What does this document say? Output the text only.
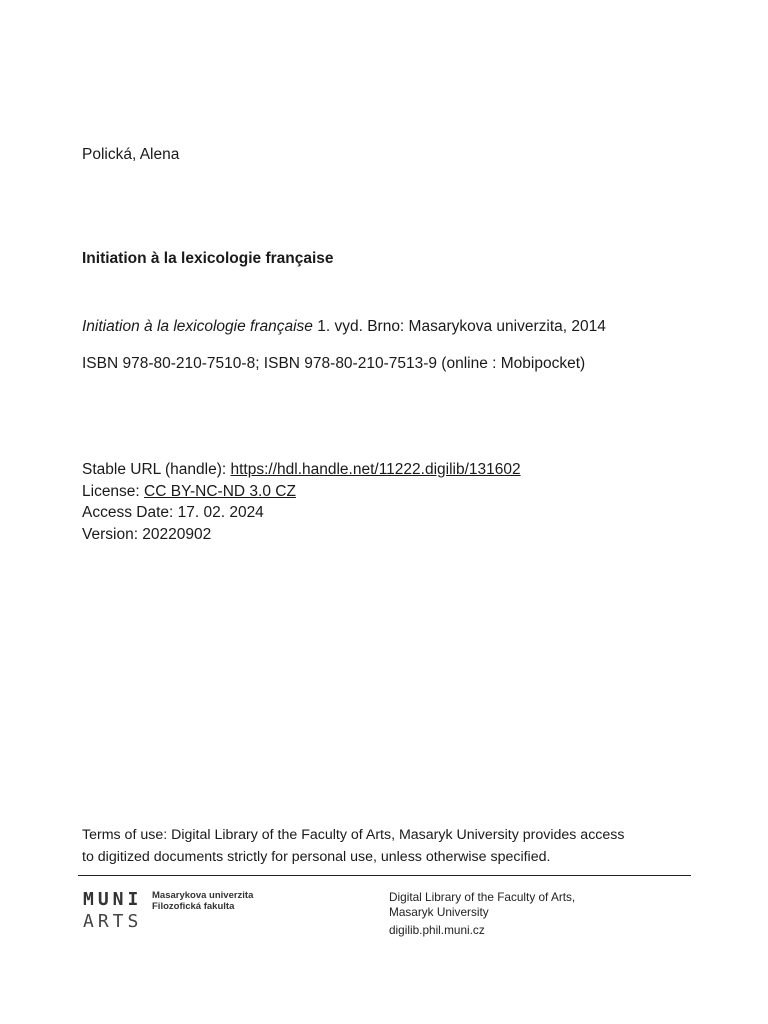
Polická, Alena
Initiation à la lexicologie française
Initiation à la lexicologie française 1. vyd. Brno: Masarykova univerzita, 2014
ISBN 978-80-210-7510-8; ISBN 978-80-210-7513-9 (online : Mobipocket)
Stable URL (handle): https://hdl.handle.net/11222.digilib/131602
License: CC BY-NC-ND 3.0 CZ
Access Date: 17. 02. 2024
Version: 20220902
Terms of use: Digital Library of the Faculty of Arts, Masaryk University provides access
to digitized documents strictly for personal use, unless otherwise specified.
MUNI
ARTS
Masarykova univerzita
Filozofická fakulta
Digital Library of the Faculty of Arts,
Masaryk University
digilib.phil.muni.cz
